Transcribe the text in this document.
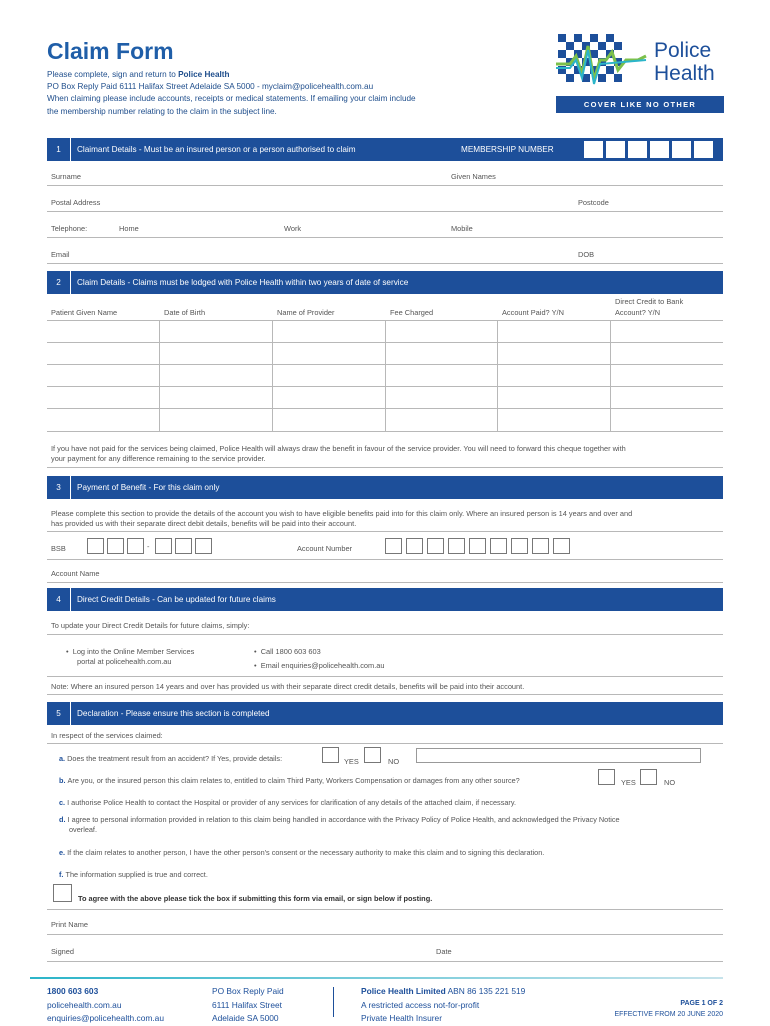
Claim Form
Please complete, sign and return to Police Health
PO Box Reply Paid 6111 Halifax Street Adelaide SA 5000 - myclaim@policehealth.com.au
When claiming please include accounts, receipts or medical statements. If emailing your claim include
the membership number relating to the claim in the subject line.
Police
Health
COVER LIKE NO OTHER
1	Claimant Details - Must be an insured person or a person authorised to claim	MEMBERSHIP NUMBER
Surname	Given Names
Postal Address	Postcode
Telephone:	Home	Work	Mobile
Email	DOB
2	Claim Details - Claims must be lodged with Police Health within two years of date of service
Patient Given Name	Date of Birth	Name of Provider	Fee Charged	Account Paid? Y/N
Direct Credit to Bank
Account? Y/N
If you have not paid for the services being claimed, Police Health will always draw the benefit in favour of the service provider. You will need to forward this cheque together with
your payment for any difference remaining to the service provider.
3	Payment of Benefit - For this claim only
Please complete this section to provide the details of the account you wish to have eligible benefits paid into for this claim only. Where an insured person is 14 years and over and
has provided us with their separate direct debit details, benefits will be paid into their account.
BSB	-	Account Number
Account Name
4	Direct Credit Details - Can be updated for future claims
To update your Direct Credit Details for future claims, simply:
•  Log into the Online Member Services
portal at policehealth.com.au
•  Call 1800 603 603
•  Email enquiries@policehealth.com.au
Note: Where an insured person 14 years and over has provided us with their separate direct credit details, benefits will be paid into their account.
5	Declaration - Please ensure this section is completed
In respect of the services claimed:
a. Does the treatment result from an accident? If Yes, provide details:	YES	NO
b. Are you, or the insured person this claim relates to, entitled to claim Third Party, Workers Compensation or damages from any other source?	YES	NO
c. I authorise Police Health to contact the Hospital or provider of any services for clarification of any details of the attached claim, if necessary.
d. I agree to personal information provided in relation to this claim being handled in accordance with the Privacy Policy of Police Health, and acknowledged the Privacy Notice
overleaf.
e. If the claim relates to another person, I have the other person's consent or the necessary authority to make this claim and to signing this declaration.
f. The information supplied is true and correct.
To agree with the above please tick the box if submitting this form via email, or sign below if posting.
Print Name
Signed	Date
1800 603 603
policehealth.com.au
enquiries@policehealth.com.au
PO Box Reply Paid
6111 Halifax Street
Adelaide SA 5000
Police Health Limited ABN 86 135 221 519
A restricted access not-for-profit
Private Health Insurer
PAGE 1 OF 2
EFFECTIVE FROM 20 JUNE 2020
